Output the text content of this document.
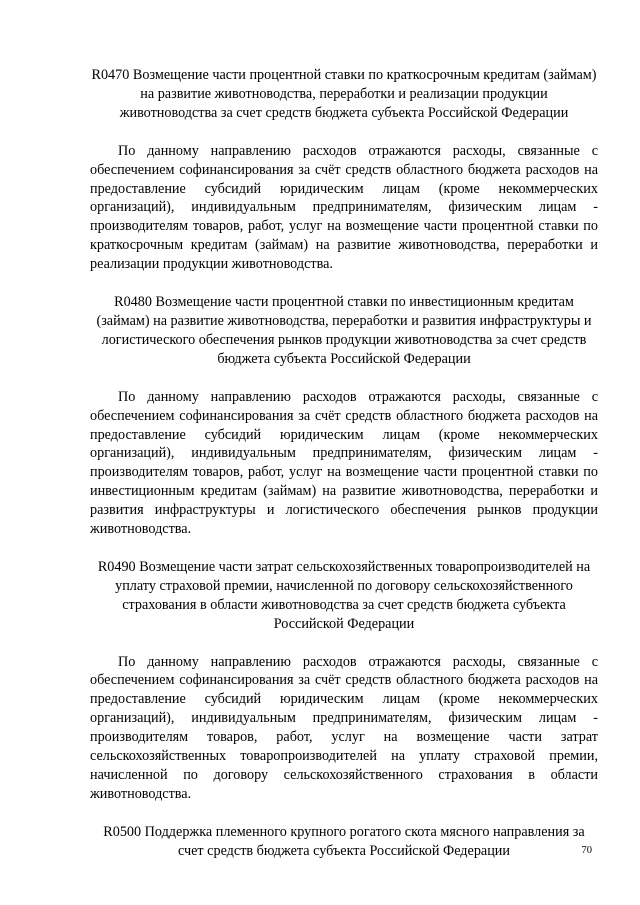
R0470 Возмещение части процентной ставки по краткосрочным кредитам (займам) на развитие животноводства, переработки и реализации продукции животноводства за счет средств бюджета субъекта Российской Федерации

По данному направлению расходов отражаются расходы, связанные с обеспечением софинансирования за счёт средств областного бюджета расходов на предоставление субсидий юридическим лицам (кроме некоммерческих организаций), индивидуальным предпринимателям, физическим лицам - производителям товаров, работ, услуг на возмещение части процентной ставки по краткосрочным кредитам (займам) на развитие животноводства, переработки и реализации продукции животноводства.

R0480 Возмещение части процентной ставки по инвестиционным кредитам (займам) на развитие животноводства, переработки и развития инфраструктуры и логистического обеспечения рынков продукции животноводства за счет средств бюджета субъекта Российской Федерации

По данному направлению расходов отражаются расходы, связанные с обеспечением софинансирования за счёт средств областного бюджета расходов на предоставление субсидий юридическим лицам (кроме некоммерческих организаций), индивидуальным предпринимателям, физическим лицам - производителям товаров, работ, услуг на возмещение части процентной ставки по инвестиционным кредитам (займам) на развитие животноводства, переработки и развития инфраструктуры и логистического обеспечения рынков продукции животноводства.

R0490 Возмещение части затрат сельскохозяйственных товаропроизводителей на уплату страховой премии, начисленной по договору сельскохозяйственного страхования в области животноводства за счет средств бюджета субъекта Российской Федерации

По данному направлению расходов отражаются расходы, связанные с обеспечением софинансирования за счёт средств областного бюджета расходов на предоставление субсидий юридическим лицам (кроме некоммерческих организаций), индивидуальным предпринимателям, физическим лицам - производителям товаров, работ, услуг на возмещение части затрат сельскохозяйственных товаропроизводителей на уплату страховой премии, начисленной по договору сельскохозяйственного страхования в области животноводства.

R0500 Поддержка племенного крупного рогатого скота мясного направления за счет средств бюджета субъекта Российской Федерации	70
